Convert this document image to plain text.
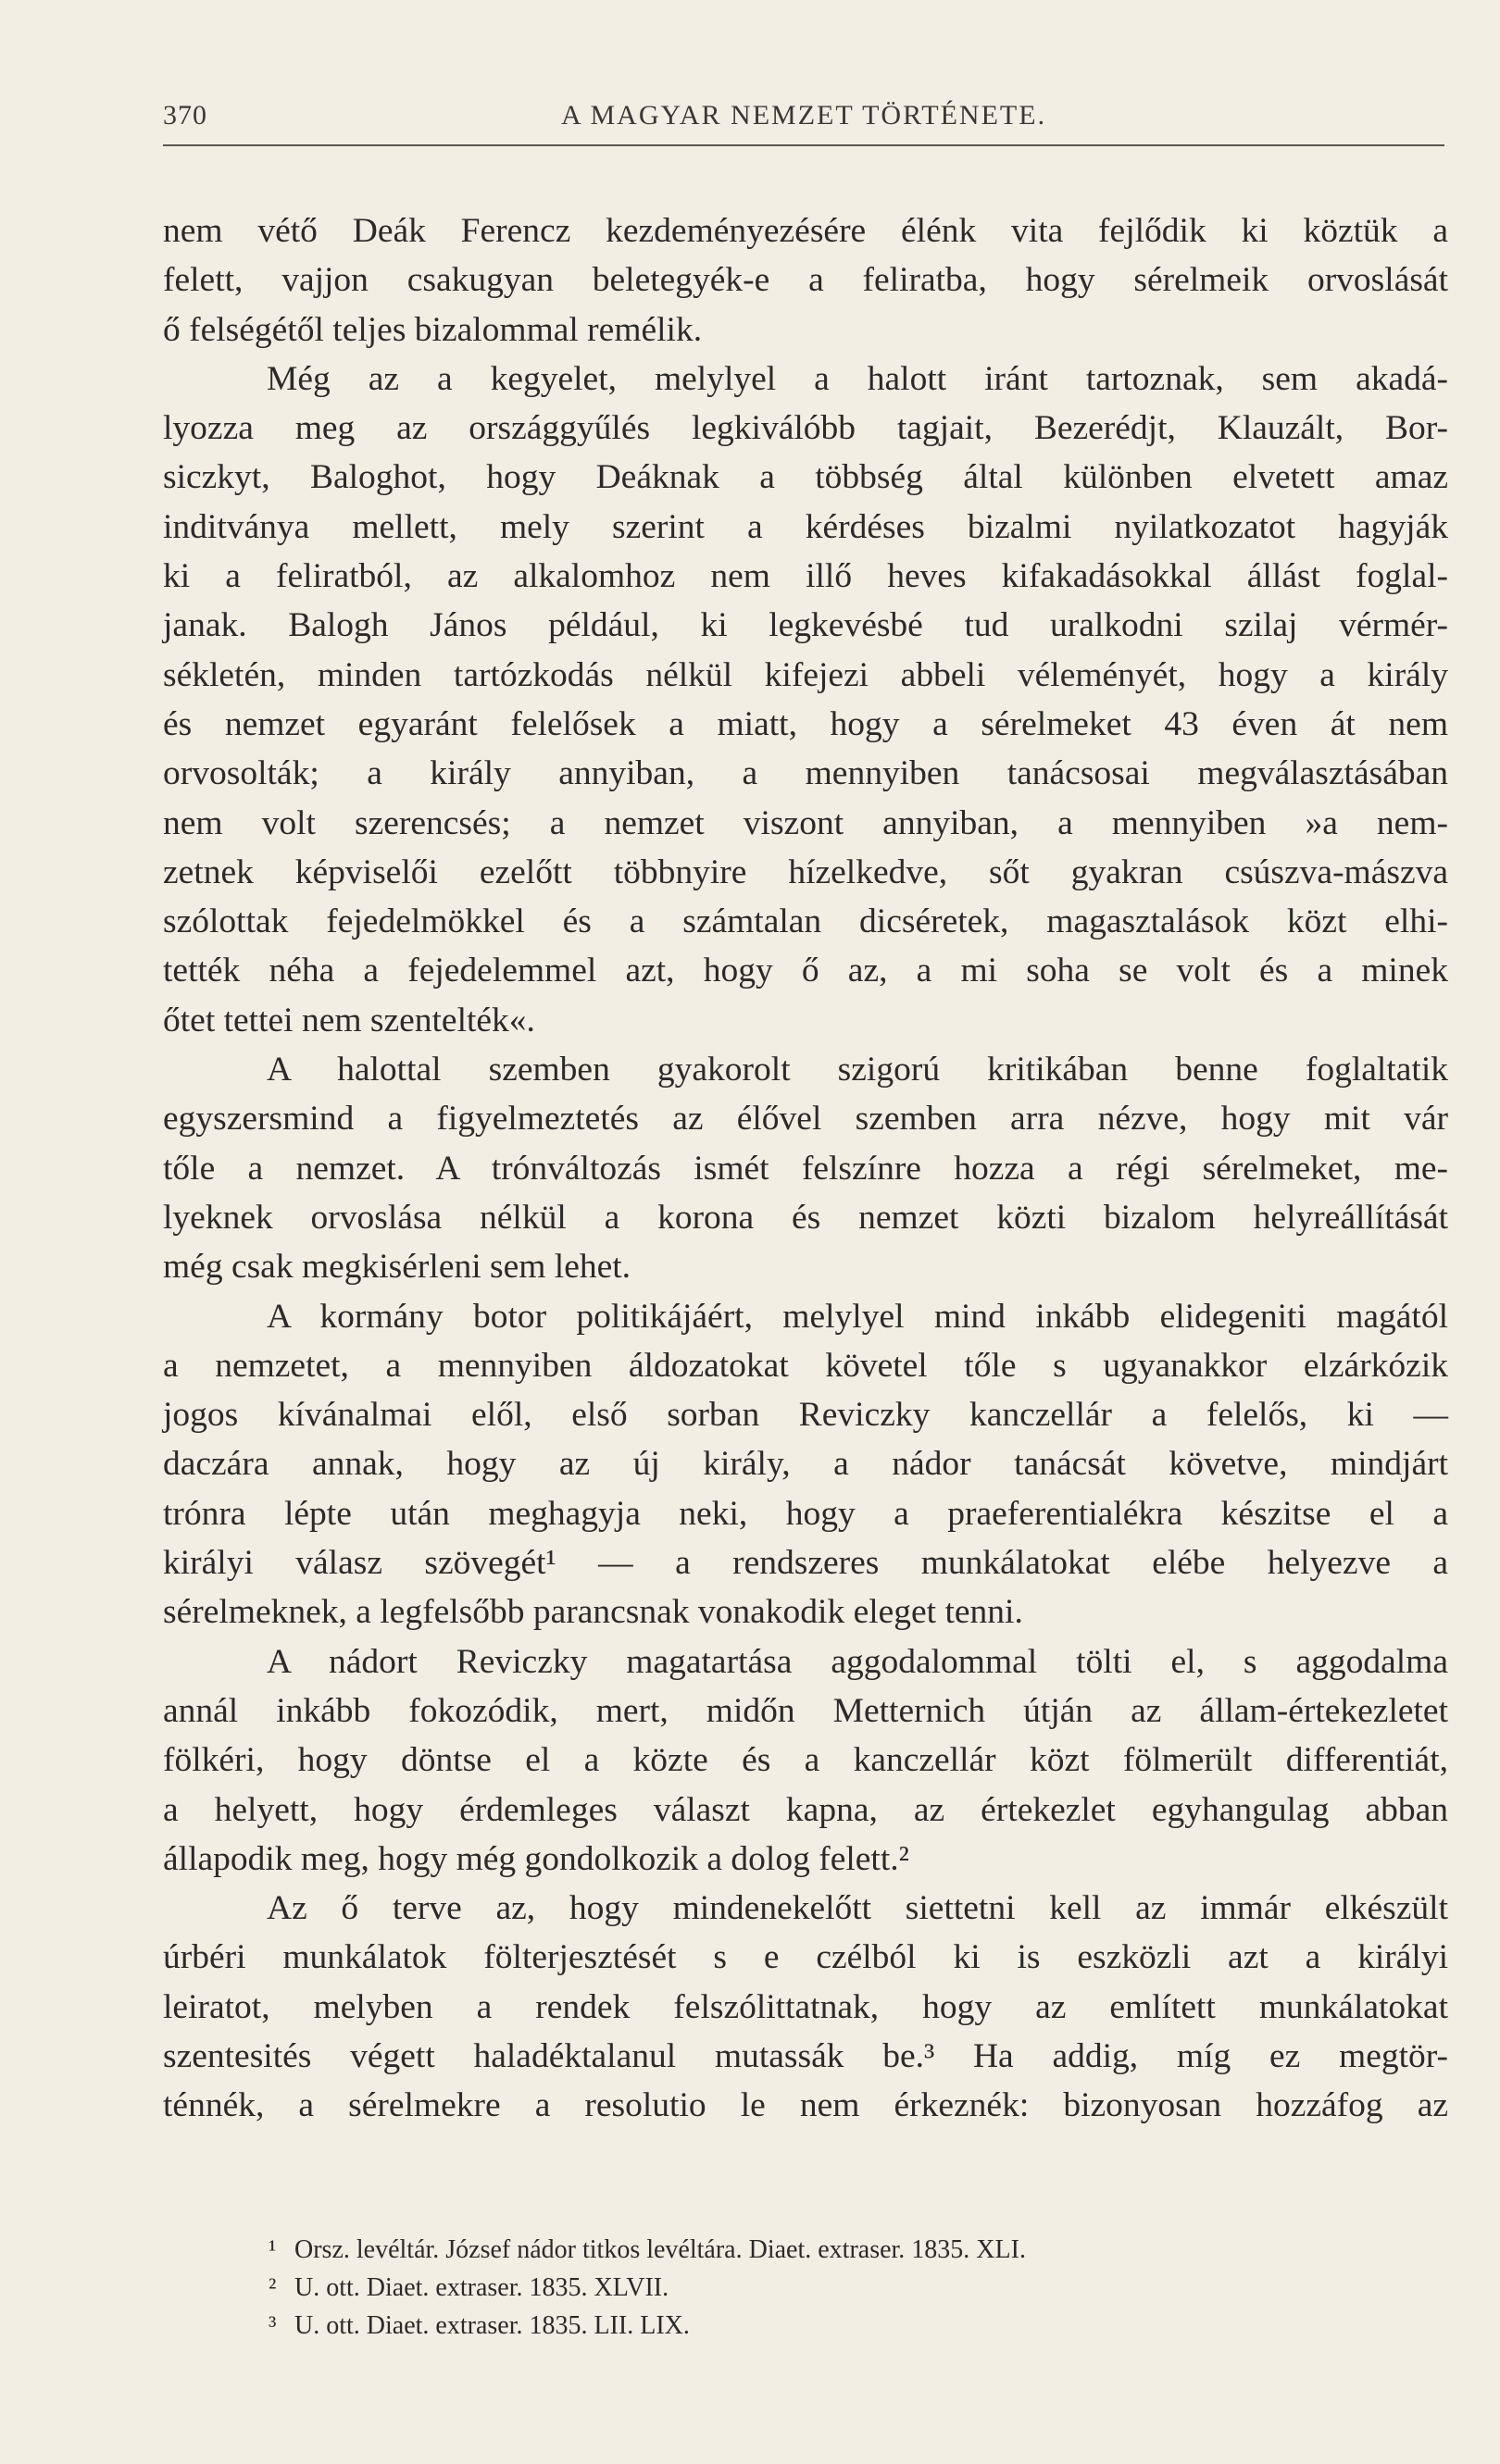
370	A MAGYAR NEMZET TÖRTÉNETE.
nem vétő Deák Ferencz kezdeményezésére élénk vita fejlődik ki köztük a
felett, vajjon csakugyan beletegyék-e a feliratba, hogy sérelmeik orvoslását
ő felségétől teljes bizalommal remélik.
Még az a kegyelet, melylyel a halott iránt tartoznak, sem akadá-
lyozza meg az országgyűlés legkiválóbb tagjait, Bezerédjt, Klauzált, Bor-
siczkyt, Baloghot, hogy Deáknak a többség által különben elvetett amaz
inditványa mellett, mely szerint a kérdéses bizalmi nyilatkozatot hagyják
ki a feliratból, az alkalomhoz nem illő heves kifakadásokkal állást foglal-
janak. Balogh János például, ki legkevésbé tud uralkodni szilaj vérmér-
sékletén, minden tartózkodás nélkül kifejezi abbeli véleményét, hogy a király
és nemzet egyaránt felelősek a miatt, hogy a sérelmeket 43 éven át nem
orvosolták; a király annyiban, a mennyiben tanácsosai megválasztásában
nem volt szerencsés; a nemzet viszont annyiban, a mennyiben »a nem-
zetnek képviselői ezelőtt többnyire hízelkedve, sőt gyakran csúszva-mászva
szólottak fejedelmökkel és a számtalan dicséretek, magasztalások közt elhi-
tették néha a fejedelemmel azt, hogy ő az, a mi soha se volt és a minek
őtet tettei nem szentelték«.
A halottal szemben gyakorolt szigorú kritikában benne foglaltatik
egyszersmind a figyelmeztetés az élővel szemben arra nézve, hogy mit vár
tőle a nemzet. A trónváltozás ismét felszínre hozza a régi sérelmeket, me-
lyeknek orvoslása nélkül a korona és nemzet közti bizalom helyreállítását
még csak megkisérleni sem lehet.
A kormány botor politikájáért, melylyel mind inkább elidegeniti magától
a nemzetet, a mennyiben áldozatokat követel tőle s ugyanakkor elzárkózik
jogos kívánalmai elől, első sorban Reviczky kanczellár a felelős, ki —
daczára annak, hogy az új király, a nádor tanácsát követve, mindjárt
trónra lépte után meghagyja neki, hogy a praeferentialékra készitse el a
királyi válasz szövegét¹ — a rendszeres munkálatokat elébe helyezve a
sérelmeknek, a legfelsőbb parancsnak vonakodik eleget tenni.
A nádort Reviczky magatartása aggodalommal tölti el, s aggodalma
annál inkább fokozódik, mert, midőn Metternich útján az állam-értekezletet
fölkéri, hogy döntse el a közte és a kanczellár közt fölmerült differentiát,
a helyett, hogy érdemleges választ kapna, az értekezlet egyhangulag abban
állapodik meg, hogy még gondolkozik a dolog felett.²
Az ő terve az, hogy mindenekelőtt siettetni kell az immár elkészült
úrbéri munkálatok fölterjesztését s e czélból ki is eszközli azt a királyi
leiratot, melyben a rendek felszólittatnak, hogy az említett munkálatokat
szentesités végett haladéktalanul mutassák be.³ Ha addig, míg ez megtör-
ténnék, a sérelmekre a resolutio le nem érkeznék: bizonyosan hozzáfog az
¹ Orsz. levéltár. József nádor titkos levéltára. Diaet. extraser. 1835. XLI.
² U. ott. Diaet. extraser. 1835. XLVII.
³ U. ott. Diaet. extraser. 1835. LII. LIX.
